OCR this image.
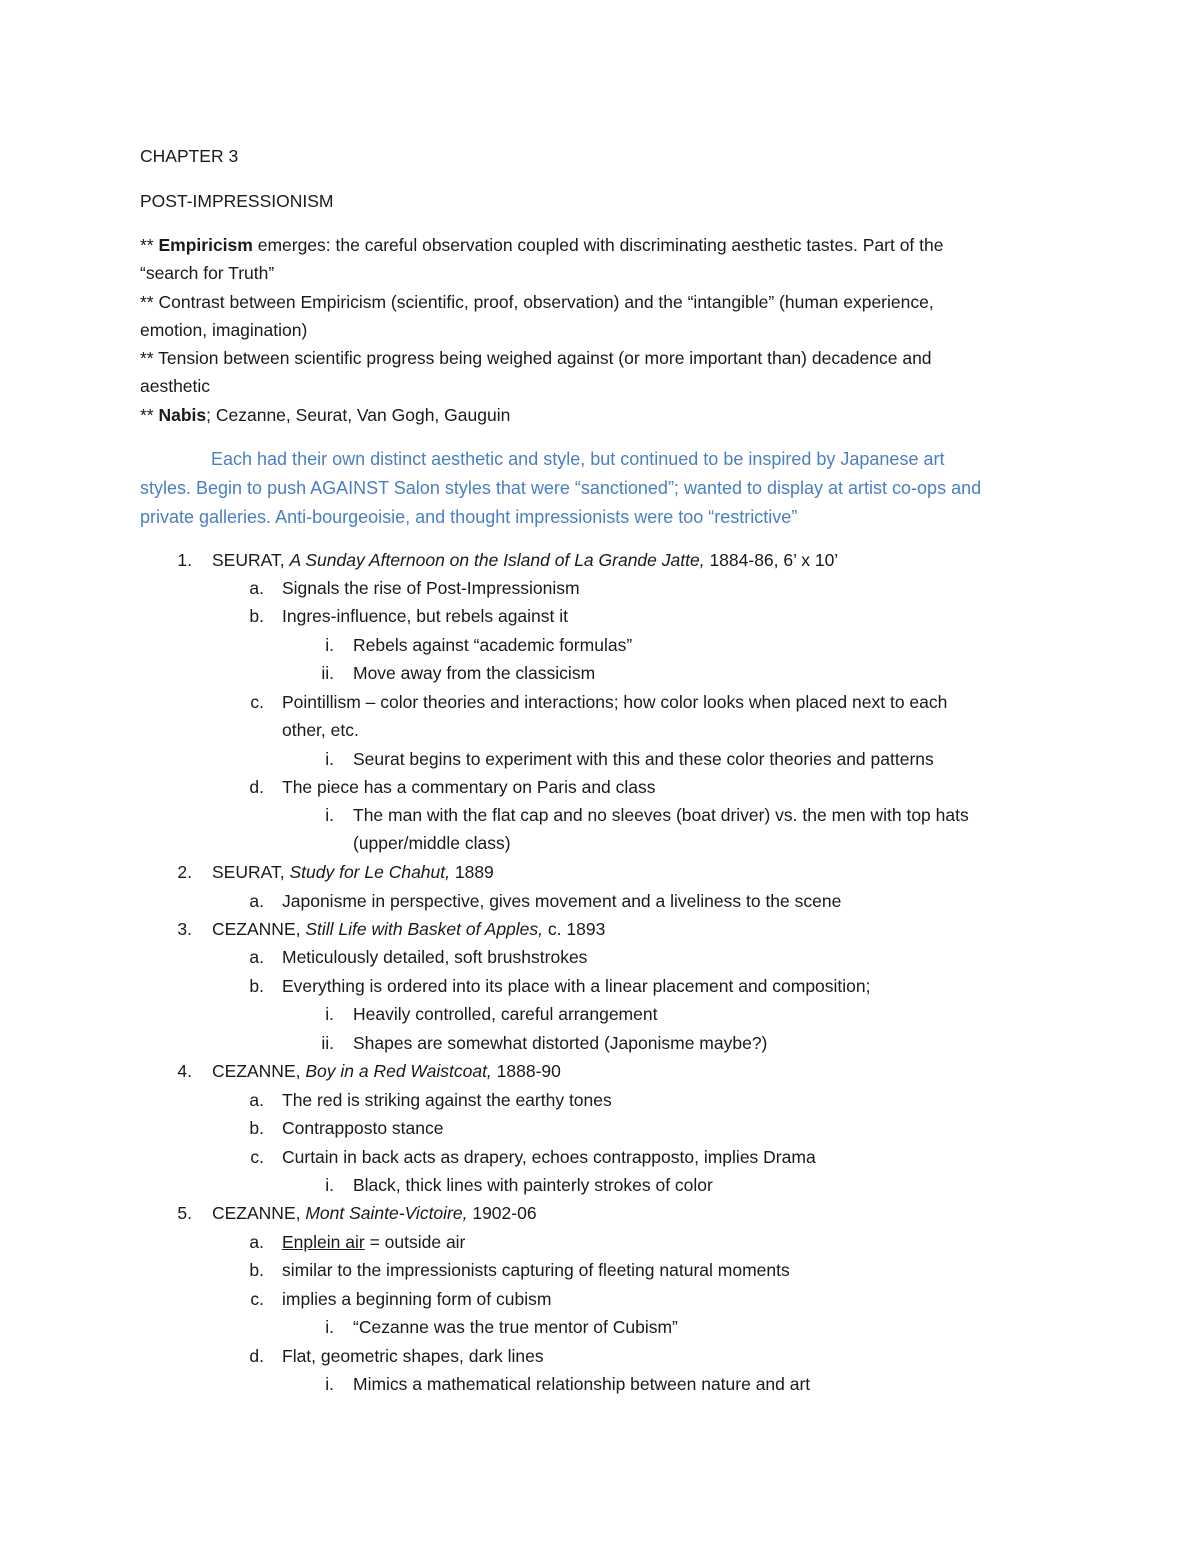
CHAPTER 3
POST-IMPRESSIONISM
** Empiricism emerges: the careful observation coupled with discriminating aesthetic tastes. Part of the
“search for Truth”
** Contrast between Empiricism (scientific, proof, observation) and the “intangible” (human experience,
emotion, imagination)
** Tension between scientific progress being weighed against (or more important than) decadence and
aesthetic
** Nabis; Cezanne, Seurat, Van Gogh, Gauguin
Each had their own distinct aesthetic and style, but continued to be inspired by Japanese art
styles. Begin to push AGAINST Salon styles that were “sanctioned”; wanted to display at artist co-ops and
private galleries. Anti-bourgeoisie, and thought impressionists were too “restrictive”
1. SEURAT, A Sunday Afternoon on the Island of La Grande Jatte, 1884-86, 6’ x 10’
a. Signals the rise of Post-Impressionism
b. Ingres-influence, but rebels against it
i. Rebels against “academic formulas”
ii. Move away from the classicism
c. Pointillism – color theories and interactions; how color looks when placed next to each
other, etc.
i. Seurat begins to experiment with this and these color theories and patterns
d. The piece has a commentary on Paris and class
i. The man with the flat cap and no sleeves (boat driver) vs. the men with top hats
(upper/middle class)
2. SEURAT, Study for Le Chahut, 1889
a. Japonisme in perspective, gives movement and a liveliness to the scene
3. CEZANNE, Still Life with Basket of Apples, c. 1893
a. Meticulously detailed, soft brushstrokes
b. Everything is ordered into its place with a linear placement and composition;
i. Heavily controlled, careful arrangement
ii. Shapes are somewhat distorted (Japonisme maybe?)
4. CEZANNE, Boy in a Red Waistcoat, 1888-90
a. The red is striking against the earthy tones
b. Contrapposto stance
c. Curtain in back acts as drapery, echoes contrapposto, implies Drama
i. Black, thick lines with painterly strokes of color
5. CEZANNE, Mont Sainte-Victoire, 1902-06
a. Enplein air = outside air
b. similar to the impressionists capturing of fleeting natural moments
c. implies a beginning form of cubism
i. “Cezanne was the true mentor of Cubism”
d. Flat, geometric shapes, dark lines
i. Mimics a mathematical relationship between nature and art
